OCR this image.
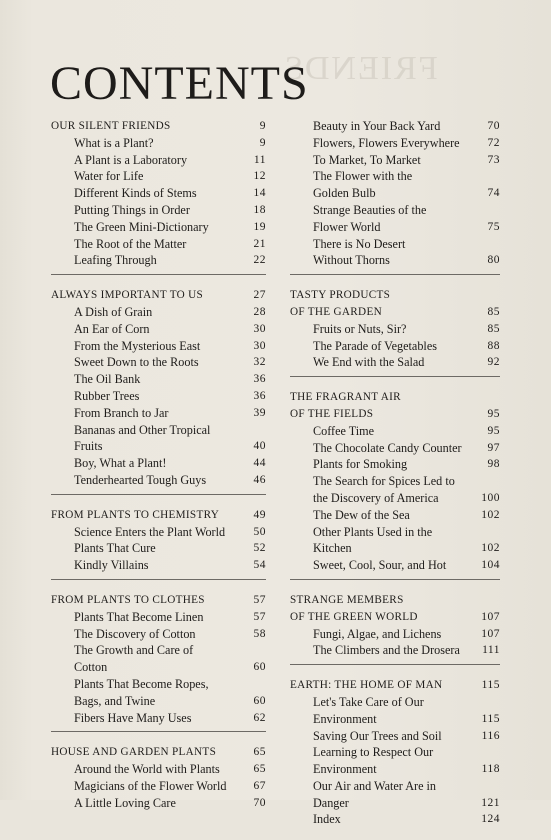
FRIENDS
CONTENTS
OUR SILENT FRIENDS	9
What is a Plant?	9
A Plant is a Laboratory	11
Water for Life	12
Different Kinds of Stems	14
Putting Things in Order	18
The Green Mini-Dictionary	19
The Root of the Matter	21
Leafing Through	22
ALWAYS IMPORTANT TO US	27
A Dish of Grain	28
An Ear of Corn	30
From the Mysterious East	30
Sweet Down to the Roots	32
The Oil Bank	36
Rubber Trees	36
From Branch to Jar	39
Bananas and Other Tropical
Fruits	40
Boy, What a Plant!	44
Tenderhearted Tough Guys	46
FROM PLANTS TO CHEMISTRY	49
Science Enters the Plant World	50
Plants That Cure	52
Kindly Villains	54
FROM PLANTS TO CLOTHES	57
Plants That Become Linen	57
The Discovery of Cotton	58
The Growth and Care of
Cotton	60
Plants That Become Ropes,
Bags, and Twine	60
Fibers Have Many Uses	62
HOUSE AND GARDEN PLANTS	65
Around the World with Plants	65
Magicians of the Flower World	67
A Little Loving Care	70
Beauty in Your Back Yard	70
Flowers, Flowers Everywhere	72
To Market, To Market	73
The Flower with the
Golden Bulb	74
Strange Beauties of the
Flower World	75
There is No Desert
Without Thorns	80
TASTY PRODUCTS
OF THE GARDEN	85
Fruits or Nuts, Sir?	85
The Parade of Vegetables	88
We End with the Salad	92
THE FRAGRANT AIR
OF THE FIELDS	95
Coffee Time	95
The Chocolate Candy Counter	97
Plants for Smoking	98
The Search for Spices Led to
the Discovery of America	100
The Dew of the Sea	102
Other Plants Used in the
Kitchen	102
Sweet, Cool, Sour, and Hot	104
STRANGE MEMBERS
OF THE GREEN WORLD	107
Fungi, Algae, and Lichens	107
The Climbers and the Drosera	111
EARTH: THE HOME OF MAN	115
Let's Take Care of Our
Environment	115
Saving Our Trees and Soil	116
Learning to Respect Our
Environment	118
Our Air and Water Are in
Danger	121
Index	124
